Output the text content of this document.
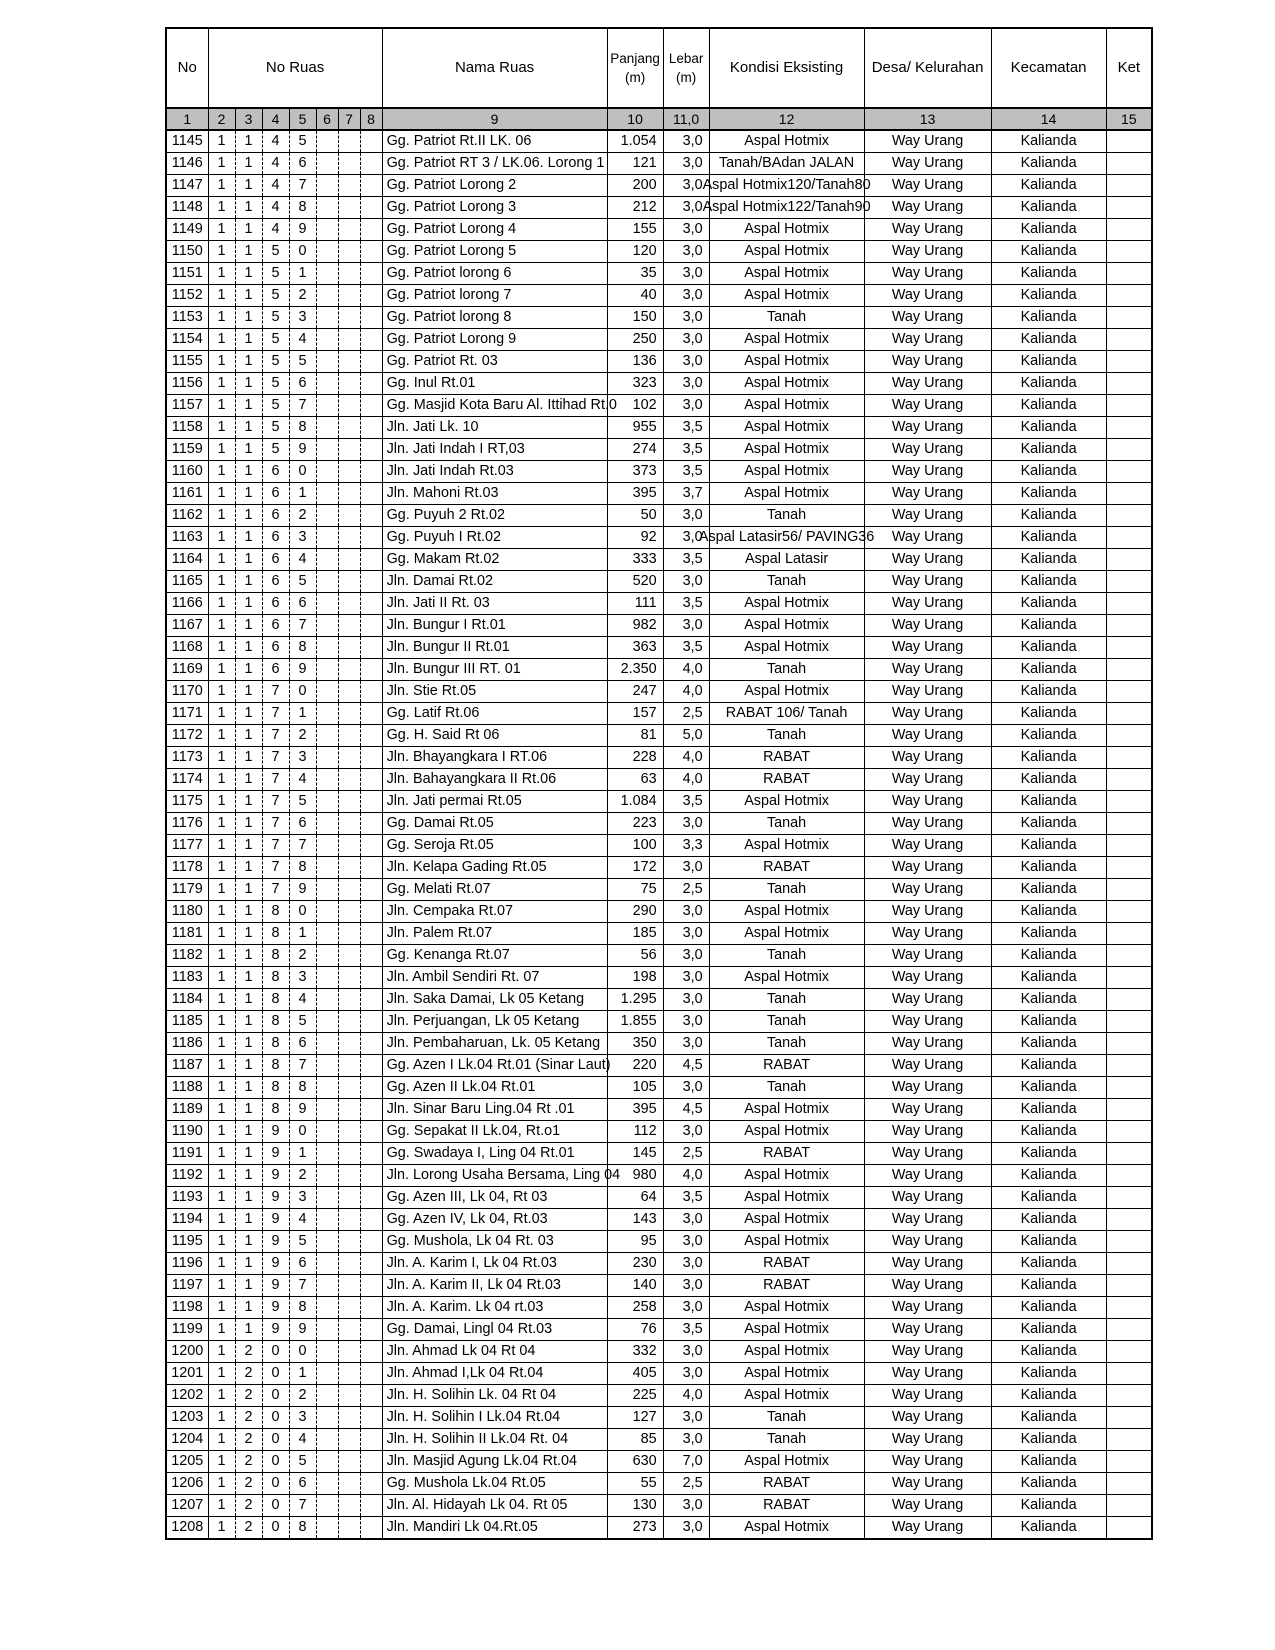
No	No Ruas							Nama Ruas	Panjang (m)	Lebar (m)	Kondisi Eksisting	Desa/ Kelurahan	Kecamatan	Ket
1	2	3	4	5	6	7	8	9	10	11,0	12	13	14	15
1145	1	1	4	5				Gg. Patriot Rt.II LK. 06	1.054	3,0	Aspal Hotmix	Way Urang	Kalianda	
1146	1	1	4	6				Gg. Patriot RT 3 / LK.06. Lorong 1	121	3,0	Tanah/BAdan JALAN	Way Urang	Kalianda	
1147	1	1	4	7				Gg. Patriot Lorong 2	200	3,0	Aspal Hotmix120/Tanah80	Way Urang	Kalianda	
1148	1	1	4	8				Gg. Patriot Lorong 3	212	3,0	Aspal Hotmix122/Tanah90	Way Urang	Kalianda	
1149	1	1	4	9				Gg. Patriot Lorong 4	155	3,0	Aspal Hotmix	Way Urang	Kalianda	
1150	1	1	5	0				Gg. Patriot Lorong 5	120	3,0	Aspal Hotmix	Way Urang	Kalianda	
1151	1	1	5	1				Gg. Patriot lorong 6	35	3,0	Aspal Hotmix	Way Urang	Kalianda	
1152	1	1	5	2				Gg. Patriot lorong 7	40	3,0	Aspal Hotmix	Way Urang	Kalianda	
1153	1	1	5	3				Gg. Patriot lorong 8	150	3,0	Tanah	Way Urang	Kalianda	
1154	1	1	5	4				Gg. Patriot Lorong 9	250	3,0	Aspal Hotmix	Way Urang	Kalianda	
1155	1	1	5	5				Gg. Patriot Rt. 03	136	3,0	Aspal Hotmix	Way Urang	Kalianda	
1156	1	1	5	6				Gg. Inul Rt.01	323	3,0	Aspal Hotmix	Way Urang	Kalianda	
1157	1	1	5	7				Gg. Masjid Kota Baru Al. Ittihad Rt.0	102	3,0	Aspal Hotmix	Way Urang	Kalianda	
1158	1	1	5	8				Jln. Jati Lk. 10	955	3,5	Aspal Hotmix	Way Urang	Kalianda	
1159	1	1	5	9				Jln. Jati Indah I RT,03	274	3,5	Aspal Hotmix	Way Urang	Kalianda	
1160	1	1	6	0				Jln. Jati Indah Rt.03	373	3,5	Aspal Hotmix	Way Urang	Kalianda	
1161	1	1	6	1				Jln. Mahoni Rt.03	395	3,7	Aspal Hotmix	Way Urang	Kalianda	
1162	1	1	6	2				Gg. Puyuh 2 Rt.02	50	3,0	Tanah	Way Urang	Kalianda	
1163	1	1	6	3				Gg. Puyuh I Rt.02	92	3,0	Aspal Latasir56/ PAVING36	Way Urang	Kalianda	
1164	1	1	6	4				Gg. Makam Rt.02	333	3,5	Aspal Latasir	Way Urang	Kalianda	
1165	1	1	6	5				Jln. Damai Rt.02	520	3,0	Tanah	Way Urang	Kalianda	
1166	1	1	6	6				Jln. Jati II Rt. 03	111	3,5	Aspal Hotmix	Way Urang	Kalianda	
1167	1	1	6	7				Jln. Bungur I Rt.01	982	3,0	Aspal Hotmix	Way Urang	Kalianda	
1168	1	1	6	8				Jln. Bungur II Rt.01	363	3,5	Aspal Hotmix	Way Urang	Kalianda	
1169	1	1	6	9				Jln. Bungur III RT. 01	2.350	4,0	Tanah	Way Urang	Kalianda	
1170	1	1	7	0				Jln. Stie Rt.05	247	4,0	Aspal Hotmix	Way Urang	Kalianda	
1171	1	1	7	1				Gg. Latif Rt.06	157	2,5	RABAT 106/ Tanah	Way Urang	Kalianda	
1172	1	1	7	2				Gg. H. Said Rt 06	81	5,0	Tanah	Way Urang	Kalianda	
1173	1	1	7	3				Jln. Bhayangkara I RT.06	228	4,0	RABAT	Way Urang	Kalianda	
1174	1	1	7	4				Jln. Bahayangkara II Rt.06	63	4,0	RABAT	Way Urang	Kalianda	
1175	1	1	7	5				Jln. Jati permai Rt.05	1.084	3,5	Aspal Hotmix	Way Urang	Kalianda	
1176	1	1	7	6				Gg. Damai Rt.05	223	3,0	Tanah	Way Urang	Kalianda	
1177	1	1	7	7				Gg. Seroja Rt.05	100	3,3	Aspal Hotmix	Way Urang	Kalianda	
1178	1	1	7	8				Jln. Kelapa Gading Rt.05	172	3,0	RABAT	Way Urang	Kalianda	
1179	1	1	7	9				Gg. Melati Rt.07	75	2,5	Tanah	Way Urang	Kalianda	
1180	1	1	8	0				Jln. Cempaka Rt.07	290	3,0	Aspal Hotmix	Way Urang	Kalianda	
1181	1	1	8	1				Jln. Palem Rt.07	185	3,0	Aspal Hotmix	Way Urang	Kalianda	
1182	1	1	8	2				Gg. Kenanga Rt.07	56	3,0	Tanah	Way Urang	Kalianda	
1183	1	1	8	3				Jln. Ambil Sendiri Rt. 07	198	3,0	Aspal Hotmix	Way Urang	Kalianda	
1184	1	1	8	4				Jln. Saka Damai, Lk 05 Ketang	1.295	3,0	Tanah	Way Urang	Kalianda	
1185	1	1	8	5				Jln. Perjuangan, Lk 05 Ketang	1.855	3,0	Tanah	Way Urang	Kalianda	
1186	1	1	8	6				Jln. Pembaharuan, Lk. 05 Ketang	350	3,0	Tanah	Way Urang	Kalianda	
1187	1	1	8	7				Gg. Azen I Lk.04 Rt.01 (Sinar Laut)	220	4,5	RABAT	Way Urang	Kalianda	
1188	1	1	8	8				Gg. Azen II Lk.04 Rt.01	105	3,0	Tanah	Way Urang	Kalianda	
1189	1	1	8	9				Jln. Sinar Baru Ling.04 Rt .01	395	4,5	Aspal Hotmix	Way Urang	Kalianda	
1190	1	1	9	0				Gg. Sepakat II Lk.04, Rt.o1	112	3,0	Aspal Hotmix	Way Urang	Kalianda	
1191	1	1	9	1				Gg. Swadaya I, Ling 04 Rt.01	145	2,5	RABAT	Way Urang	Kalianda	
1192	1	1	9	2				Jln. Lorong Usaha Bersama, Ling 04	980	4,0	Aspal Hotmix	Way Urang	Kalianda	
1193	1	1	9	3				Gg. Azen III, Lk 04, Rt 03	64	3,5	Aspal Hotmix	Way Urang	Kalianda	
1194	1	1	9	4				Gg. Azen IV, Lk 04, Rt.03	143	3,0	Aspal Hotmix	Way Urang	Kalianda	
1195	1	1	9	5				Gg. Mushola, Lk 04 Rt. 03	95	3,0	Aspal Hotmix	Way Urang	Kalianda	
1196	1	1	9	6				Jln. A. Karim I, Lk 04 Rt.03	230	3,0	RABAT	Way Urang	Kalianda	
1197	1	1	9	7				Jln. A. Karim II, Lk 04 Rt.03	140	3,0	RABAT	Way Urang	Kalianda	
1198	1	1	9	8				Jln. A. Karim. Lk 04 rt.03	258	3,0	Aspal Hotmix	Way Urang	Kalianda	
1199	1	1	9	9				Gg. Damai, Lingl 04 Rt.03	76	3,5	Aspal Hotmix	Way Urang	Kalianda	
1200	1	2	0	0				Jln. Ahmad Lk 04 Rt 04	332	3,0	Aspal Hotmix	Way Urang	Kalianda	
1201	1	2	0	1				Jln. Ahmad I,Lk 04 Rt.04	405	3,0	Aspal Hotmix	Way Urang	Kalianda	
1202	1	2	0	2				Jln. H. Solihin Lk. 04 Rt 04	225	4,0	Aspal Hotmix	Way Urang	Kalianda	
1203	1	2	0	3				Jln. H. Solihin I Lk.04 Rt.04	127	3,0	Tanah	Way Urang	Kalianda	
1204	1	2	0	4				Jln. H. Solihin II Lk.04 Rt. 04	85	3,0	Tanah	Way Urang	Kalianda	
1205	1	2	0	5				Jln. Masjid Agung Lk.04 Rt.04	630	7,0	Aspal Hotmix	Way Urang	Kalianda	
1206	1	2	0	6				Gg. Mushola Lk.04 Rt.05	55	2,5	RABAT	Way Urang	Kalianda	
1207	1	2	0	7				Jln. Al. Hidayah Lk 04. Rt 05	130	3,0	RABAT	Way Urang	Kalianda	
1208	1	2	0	8				Jln. Mandiri Lk 04.Rt.05	273	3,0	Aspal Hotmix	Way Urang	Kalianda	
